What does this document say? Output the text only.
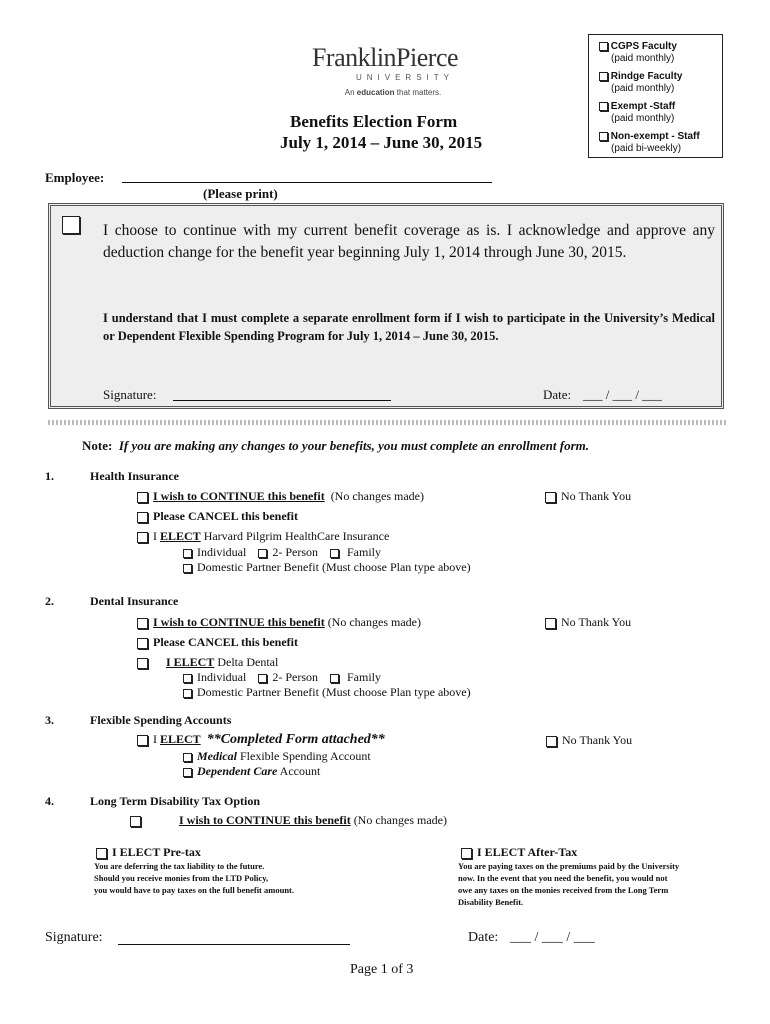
FranklinPierce
UNIVERSITY
An education that matters.
Benefits Election Form
July 1, 2014 – June 30, 2015
CGPS Faculty
(paid monthly)
Rindge Faculty
(paid monthly)
Exempt -Staff
(paid monthly)
Non-exempt - Staff
(paid bi-weekly)
Employee:
(Please print)
I choose to continue with my current benefit coverage as is. I acknowledge and approve any deduction change for the benefit year beginning July 1, 2014 through June 30, 2015.
I understand that I must complete a separate enrollment form if I wish to participate in the University’s Medical or Dependent Flexible Spending Program for July 1, 2014 – June 30, 2015.
Signature:	Date: ___ / ___ / ___
Note: If you are making any changes to your benefits, you must complete an enrollment form.
1.	Health Insurance
I wish to CONTINUE this benefit (No changes made)	No Thank You
Please CANCEL this benefit
I ELECT Harvard Pilgrim HealthCare Insurance
Individual 2- Person Family
Domestic Partner Benefit (Must choose Plan type above)
2.	Dental Insurance
I wish to CONTINUE this benefit (No changes made)	No Thank You
Please CANCEL this benefit
I ELECT Delta Dental
Individual 2- Person Family
Domestic Partner Benefit (Must choose Plan type above)
3.	Flexible Spending Accounts
I ELECT **Completed Form attached**	No Thank You
Medical Flexible Spending Account
Dependent Care Account
4.	Long Term Disability Tax Option
I wish to CONTINUE this benefit (No changes made)
I ELECT Pre-tax
You are deferring the tax liability to the future.
Should you receive monies from the LTD Policy,
you would have to pay taxes on the full benefit amount.
I ELECT After-Tax
You are paying taxes on the premiums paid by the University
now. In the event that you need the benefit, you would not
owe any taxes on the monies received from the Long Term
Disability Benefit.
Signature:	Date: ___ / ___ / ___
Page 1 of 3
